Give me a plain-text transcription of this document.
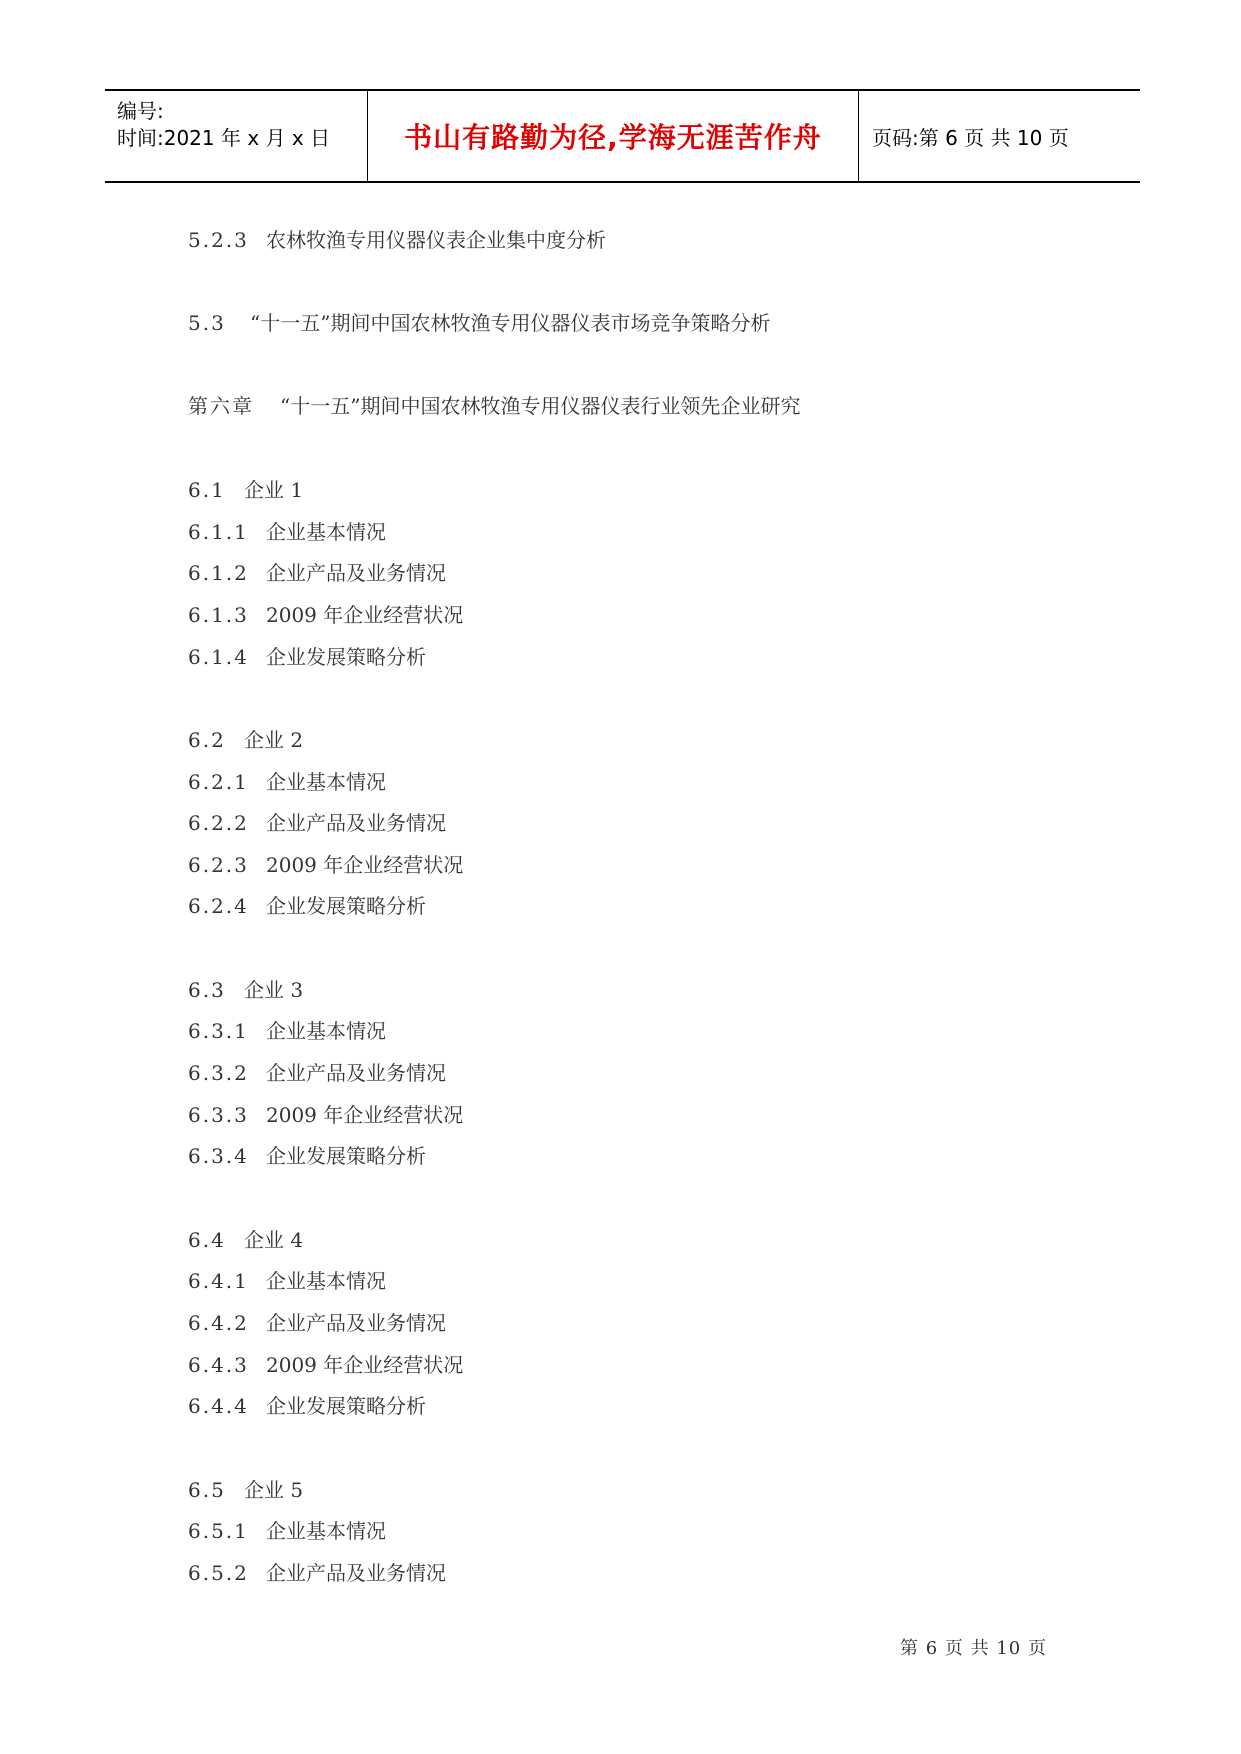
编号:
时间:2021 年 x 月 x 日	书山有路勤为径,学海无涯苦作舟	页码:第 6 页 共 10 页
5.2.3 农林牧渔专用仪器仪表企业集中度分析
5.3 “十一五”期间中国农林牧渔专用仪器仪表市场竞争策略分析
第六章 “十一五”期间中国农林牧渔专用仪器仪表行业领先企业研究
6.1 企业 1
6.1.1 企业基本情况
6.1.2 企业产品及业务情况
6.1.3 2009 年企业经营状况
6.1.4 企业发展策略分析
6.2 企业 2
6.2.1 企业基本情况
6.2.2 企业产品及业务情况
6.2.3 2009 年企业经营状况
6.2.4 企业发展策略分析
6.3 企业 3
6.3.1 企业基本情况
6.3.2 企业产品及业务情况
6.3.3 2009 年企业经营状况
6.3.4 企业发展策略分析
6.4 企业 4
6.4.1 企业基本情况
6.4.2 企业产品及业务情况
6.4.3 2009 年企业经营状况
6.4.4 企业发展策略分析
6.5 企业 5
6.5.1 企业基本情况
6.5.2 企业产品及业务情况
第 6 页 共 10 页
